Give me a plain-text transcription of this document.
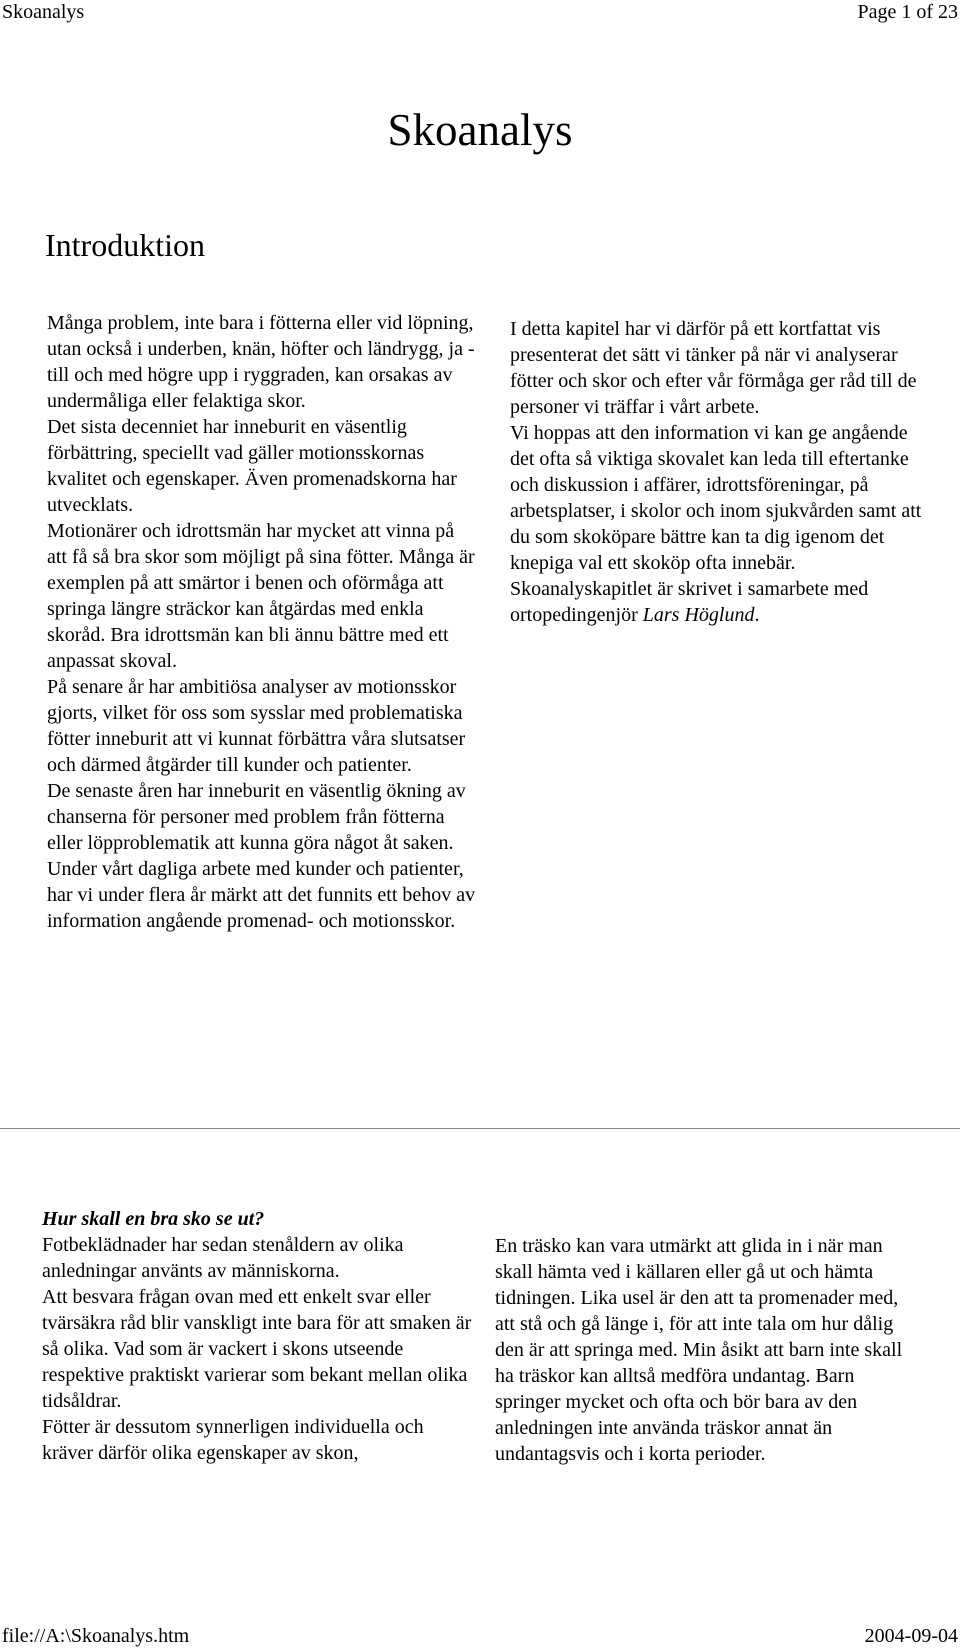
Skoanalys	Page 1 of 23
Skoanalys
Introduktion

Många problem, inte bara i fötterna eller vid löpning, utan också i underben, knän, höfter och ländrygg, ja - till och med högre upp i ryggraden, kan orsakas av undermåliga eller felaktiga skor.

Det sista decenniet har inneburit en väsentlig förbättring, speciellt vad gäller motionsskornas kvalitet och egenskaper. Även promenadskorna har utvecklats.

Motionärer och idrottsmän har mycket att vinna på att få så bra skor som möjligt på sina fötter. Många är exemplen på att smärtor i benen och oförmåga att springa längre sträckor kan åtgärdas med enkla skoråd. Bra idrottsmän kan bli ännu bättre med ett anpassat skoval.

På senare år har ambitiösa analyser av motionsskor gjorts, vilket för oss som sysslar med problematiska fötter inneburit att vi kunnat förbättra våra slutsatser och därmed åtgärder till kunder och patienter.

De senaste åren har inneburit en väsentlig ökning av chanserna för personer med problem från fötterna eller löpproblematik att kunna göra något åt saken.

Under vårt dagliga arbete med kunder och patienter, har vi under flera år märkt att det funnits ett behov av information angående promenad- och motionsskor.

I detta kapitel har vi därför på ett kortfattat vis presenterat det sätt vi tänker på när vi analyserar fötter och skor och efter vår förmåga ger råd till de personer vi träffar i vårt arbete.

Vi hoppas att den information vi kan ge angående det ofta så viktiga skovalet kan leda till eftertanke och diskussion i affärer, idrottsföreningar, på arbetsplatser, i skolor och inom sjukvården samt att du som skoköpare bättre kan ta dig igenom det knepiga val ett skoköp ofta innebär.

Skoanalyskapitlet är skrivet i samarbete med ortopedingenjör Lars Höglund.

Hur skall en bra sko se ut?

Fotbeklädnader har sedan stenåldern av olika anledningar använts av människorna.

Att besvara frågan ovan med ett enkelt svar eller tvärsäkra råd blir vanskligt inte bara för att smaken är så olika. Vad som är vackert i skons utseende respektive praktiskt varierar som bekant mellan olika tidsåldrar.

Fötter är dessutom synnerligen individuella och kräver därför olika egenskaper av skon,

En träsko kan vara utmärkt att glida in i när man skall hämta ved i källaren eller gå ut och hämta tidningen. Lika usel är den att ta promenader med, att stå och gå länge i, för att inte tala om hur dålig den är att springa med. Min åsikt att barn inte skall ha träskor kan alltså medföra undantag. Barn springer mycket och ofta och bör bara av den anledningen inte använda träskor annat än undantagsvis och i korta perioder.

file://A:\Skoanalys.htm	2004-09-04
